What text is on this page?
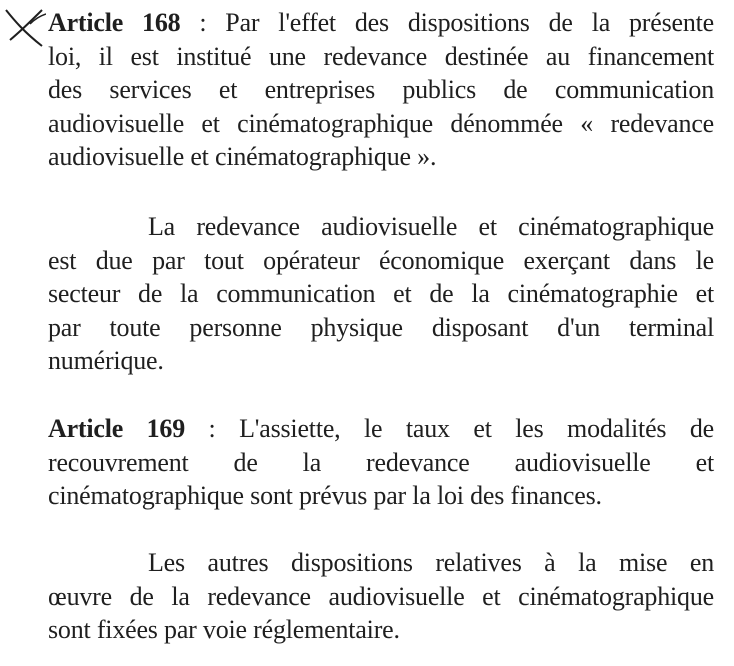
Article 168 : Par l'effet des dispositions de la présente
loi, il est institué une redevance destinée au financement
des services et entreprises publics de communication
audiovisuelle et cinématographique dénommée « redevance
audiovisuelle et cinématographique ».
La redevance audiovisuelle et cinématographique
est due par tout opérateur économique exerçant dans le
secteur de la communication et de la cinématographie et
par toute personne physique disposant d'un terminal
numérique.
Article 169 : L'assiette, le taux et les modalités de
recouvrement de la redevance audiovisuelle et
cinématographique sont prévus par la loi des finances.
Les autres dispositions relatives à la mise en
œuvre de la redevance audiovisuelle et cinématographique
sont fixées par voie réglementaire.
